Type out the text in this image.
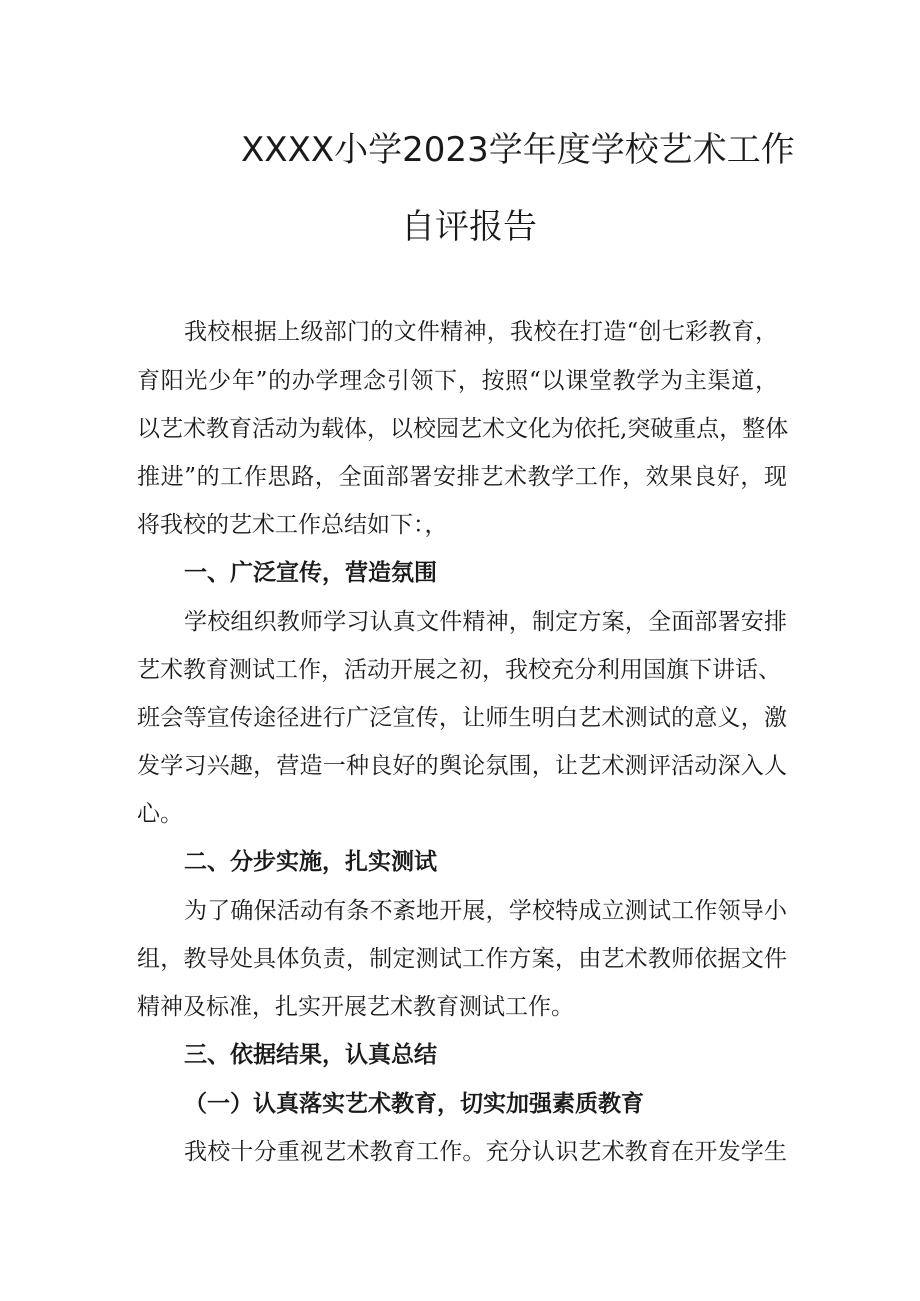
XXXX小学2023学年度学校艺术工作
自评报告

我校根据上级部门的文件精神，我校在打造“创七彩教育，

育阳光少年”的办学理念引领下，按照“以课堂教学为主渠道，

以艺术教育活动为载体，以校园艺术文化为依托,突破重点，整体

推进”的工作思路，全面部署安排艺术教学工作，效果良好，现

将我校的艺术工作总结如下：，

一、广泛宣传，营造氛围

学校组织教师学习认真文件精神，制定方案，全面部署安排

艺术教育测试工作，活动开展之初，我校充分利用国旗下讲话、

班会等宣传途径进行广泛宣传，让师生明白艺术测试的意义，激

发学习兴趣，营造一种良好的舆论氛围，让艺术测评活动深入人

心。

二、分步实施，扎实测试

为了确保活动有条不紊地开展，学校特成立测试工作领导小

组，教导处具体负责，制定测试工作方案，由艺术教师依据文件

精神及标准，扎实开展艺术教育测试工作。

三、依据结果，认真总结
（一）认真落实艺术教育，切实加强素质教育

我校十分重视艺术教育工作。充分认识艺术教育在开发学生
